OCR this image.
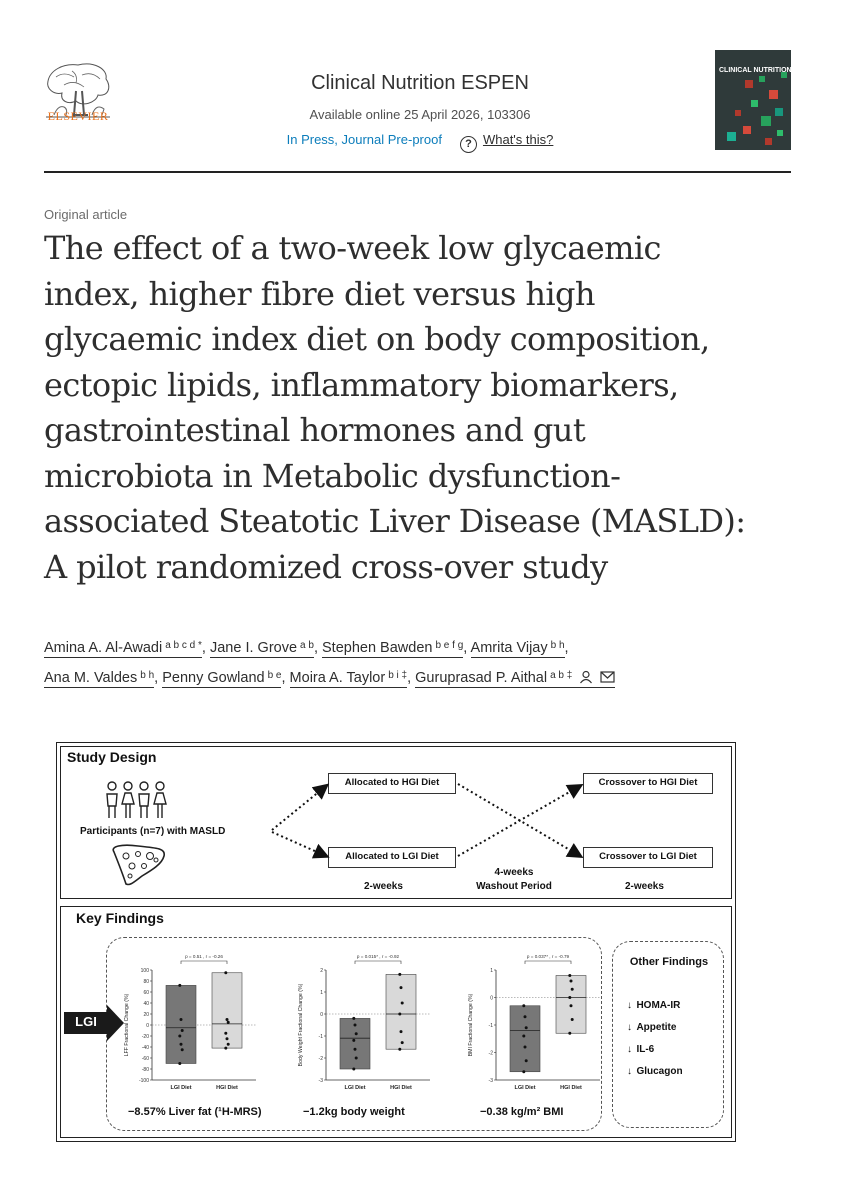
ELSEVIER
Clinical Nutrition ESPEN
Available online 25 April 2026, 103306
In Press, Journal Pre-proof ? What's this?
CLINICAL NUTRITION ESPEN
Original article
The effect of a two-week low glycaemic
index, higher fibre diet versus high
glycaemic index diet on body composition,
ectopic lipids, inflammatory biomarkers,
gastrointestinal hormones and gut
microbiota in Metabolic dysfunction-
associated Steatotic Liver Disease (MASLD):
A pilot randomized cross-over study
Amina A. Al-Awadi $^{a b c d *}$, Jane I. Grove $^{a b}$, Stephen Bawden $^{b e f g}$, Amrita Vijay $^{b h}$,
Ana M. Valdes $^{b h}$, Penny Gowland $^{b e}$, Moira A. Taylor $^{b i \ddagger}$, Guruprasad P. Aithal $^{a b \ddagger}$
Study Design
Participants (n=7) with MASLD
Allocated to HGI Diet
Allocated to LGI Diet
Crossover to HGI Diet
Crossover to LGI Diet
2-weeks
4-weeks
Washout Period	2-weeks
Key Findings
LGI
Other Findings
↓ HOMA-IR
↓ Appetite
↓ IL-6
↓ Glucagon
LFF Fractional Change (%)
100
80
60
40
20
0
-20
-40
-60
-80
-100
LGI Diet	HGI Diet
p = 0.51 , r = -0.26
Body Weight Fractional Change (%)
2
1
0
-1
-2
-3
LGI Diet	HGI Diet
p = 0.015* , r = -0.92
BMI Fractional Change (%)
1
0
-1
-2
-3
LGI Diet	HGI Diet
p = 0.037* , r = -0.79
−8.57% Liver fat (¹H-MRS)	−1.2kg body weight	−0.38 kg/m² BMI
